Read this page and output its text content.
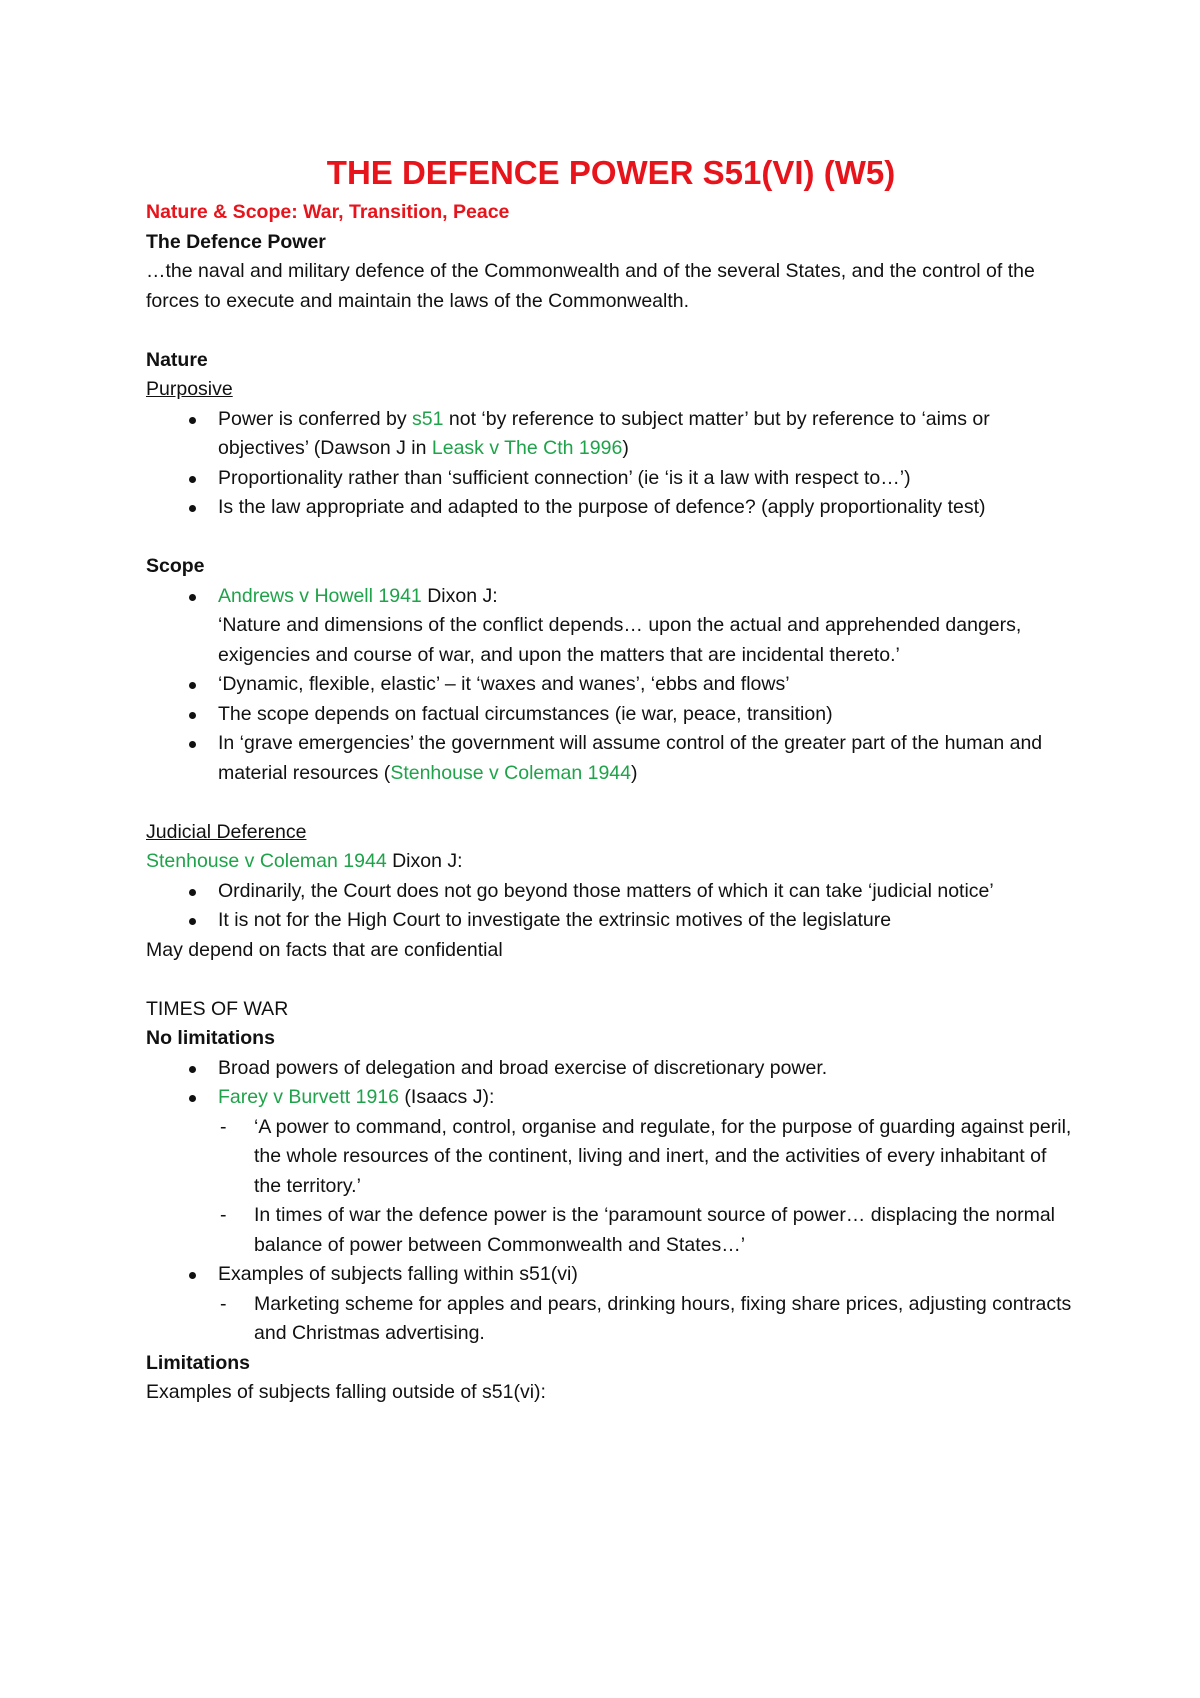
THE DEFENCE POWER S51(VI) (W5)
Nature & Scope: War, Transition, Peace
The Defence Power
…the naval and military defence of the Commonwealth and of the several States, and the control of the forces to execute and maintain the laws of the Commonwealth.
Nature
Purposive
Power is conferred by s51 not ‘by reference to subject matter’ but by reference to ‘aims or objectives’ (Dawson J in Leask v The Cth 1996)
Proportionality rather than ‘sufficient connection’ (ie ‘is it a law with respect to…’)
Is the law appropriate and adapted to the purpose of defence? (apply proportionality test)
Scope
Andrews v Howell 1941 Dixon J:
‘Nature and dimensions of the conflict depends… upon the actual and apprehended dangers, exigencies and course of war, and upon the matters that are incidental thereto.’
‘Dynamic, flexible, elastic’ – it ‘waxes and wanes’, ‘ebbs and flows’
The scope depends on factual circumstances (ie war, peace, transition)
In ‘grave emergencies’ the government will assume control of the greater part of the human and material resources (Stenhouse v Coleman 1944)
Judicial Deference
Stenhouse v Coleman 1944 Dixon J:
Ordinarily, the Court does not go beyond those matters of which it can take ‘judicial notice’
It is not for the High Court to investigate the extrinsic motives of the legislature
May depend on facts that are confidential
TIMES OF WAR
No limitations
Broad powers of delegation and broad exercise of discretionary power.
Farey v Burvett 1916 (Isaacs J):
- ‘A power to command, control, organise and regulate, for the purpose of guarding against peril, the whole resources of the continent, living and inert, and the activities of every inhabitant of the territory.’
- In times of war the defence power is the ‘paramount source of power… displacing the normal balance of power between Commonwealth and States…’
Examples of subjects falling within s51(vi)
- Marketing scheme for apples and pears, drinking hours, fixing share prices, adjusting contracts and Christmas advertising.
Limitations
Examples of subjects falling outside of s51(vi):
